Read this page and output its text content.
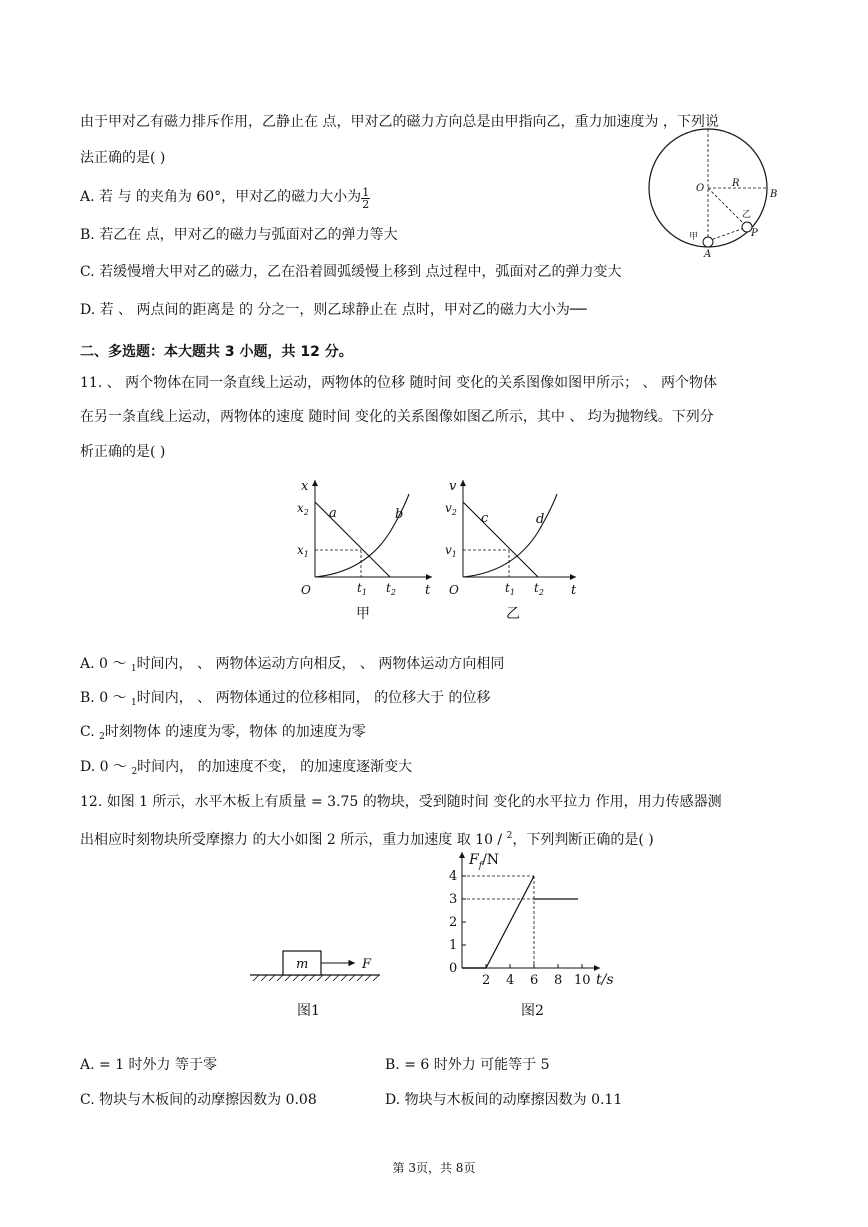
由于甲对乙有磁力排斥作用，乙静止在 点，甲对乙的磁力方向总是由甲指向乙，重力加速度为 ，下列说
法正确的是( )
A. 若 与 的夹角为 60°，甲对乙的磁力大小为 $\frac{1}{2}$
B. 若乙在 点，甲对乙的磁力与弧面对乙的弹力等大
C. 若缓慢增大甲对乙的磁力，乙在沿着圆弧缓慢上移到 点过程中，弧面对乙的弹力变大
D. 若 、 两点间的距离是 的 分之一，则乙球静止在 点时，甲对乙的磁力大小为──
O	R
B
乙
P
甲
A
二、多选题：本大题共 3 小题，共 12 分。
11. 、 两个物体在同一条直线上运动，两物体的位移 随时间 变化的关系图像如图甲所示； 、 两个物体
在另一条直线上运动，两物体的速度 随时间 变化的关系图像如图乙所示，其中 、 均为抛物线。下列分
析正确的是( )
x
t
O
$x_2$
$x_1$
$t_1$ $t_2$
a	b
甲
v
t
O
$v_2$
$v_1$
$t_1$ $t_2$
c	d
乙
A. 0 ～ $_1$时间内， 、 两物体运动方向相反， 、 两物体运动方向相同
B. 0 ～ $_1$时间内， 、 两物体通过的位移相同， 的位移大于 的位移
C. $_2$时刻物体 的速度为零，物体 的加速度为零
D. 0 ～ $_2$时间内， 的加速度不变， 的加速度逐渐变大
12. 如图 1 所示，水平木板上有质量 = 3.75 的物块，受到随时间 变化的水平拉力 作用，用力传感器测
出相应时刻物块所受摩擦力 的大小如图 2 所示，重力加速度 取 10 / $^2$，下列判断正确的是( )
m	F
图1
$F_f/N$
0
1
2
3
4
2 4 6 8 10 t/s
图2
A. = 1 时外力 等于零	B. = 6 时外力 可能等于 5
C. 物块与木板间的动摩擦因数为 0.08	D. 物块与木板间的动摩擦因数为 0.11
第 3页，共 8页
